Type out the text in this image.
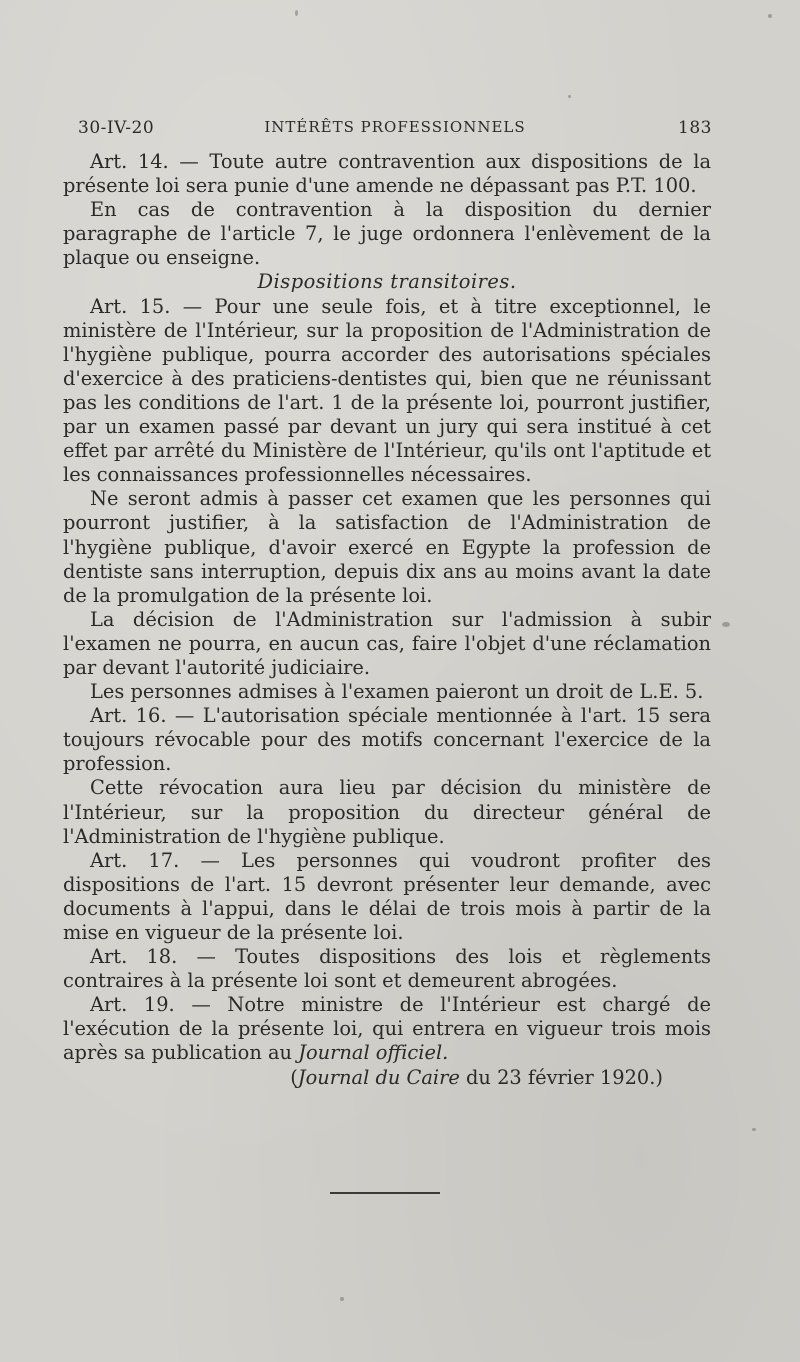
30-IV-20	INTÉRÊTS PROFESSIONNELS	183

Art. 14. — Toute autre contravention aux dispositions de la présente loi sera punie d'une amende ne dépassant pas P.T. 100.

En cas de contravention à la disposition du dernier paragraphe de l'article 7, le juge ordonnera l'enlèvement de la plaque ou enseigne.

Dispositions transitoires.

Art. 15. — Pour une seule fois, et à titre exceptionnel, le ministère de l'Intérieur, sur la proposition de l'Administration de l'hygiène publique, pourra accorder des autorisations spéciales d'exercice à des praticiens-dentistes qui, bien que ne réunissant pas les conditions de l'art. 1 de la présente loi, pourront justifier, par un examen passé par devant un jury qui sera institué à cet effet par arrêté du Ministère de l'Intérieur, qu'ils ont l'aptitude et les connaissances professionnelles nécessaires.

Ne seront admis à passer cet examen que les personnes qui pourront justifier, à la satisfaction de l'Administration de l'hygiène publique, d'avoir exercé en Egypte la profession de dentiste sans interruption, depuis dix ans au moins avant la date de la promulgation de la présente loi.

La décision de l'Administration sur l'admission à subir l'examen ne pourra, en aucun cas, faire l'objet d'une réclamation par devant l'autorité judiciaire.

Les personnes admises à l'examen paieront un droit de L.E. 5.

Art. 16. — L'autorisation spéciale mentionnée à l'art. 15 sera toujours révocable pour des motifs concernant l'exercice de la profession.

Cette révocation aura lieu par décision du ministère de l'Intérieur, sur la proposition du directeur général de l'Administration de l'hygiène publique.

Art. 17. — Les personnes qui voudront profiter des dispositions de l'art. 15 devront présenter leur demande, avec documents à l'appui, dans le délai de trois mois à partir de la mise en vigueur de la présente loi.

Art. 18. — Toutes dispositions des lois et règlements contraires à la présente loi sont et demeurent abrogées.

Art. 19. — Notre ministre de l'Intérieur est chargé de l'exécution de la présente loi, qui entrera en vigueur trois mois après sa publication au Journal officiel.

(Journal du Caire du 23 février 1920.)
